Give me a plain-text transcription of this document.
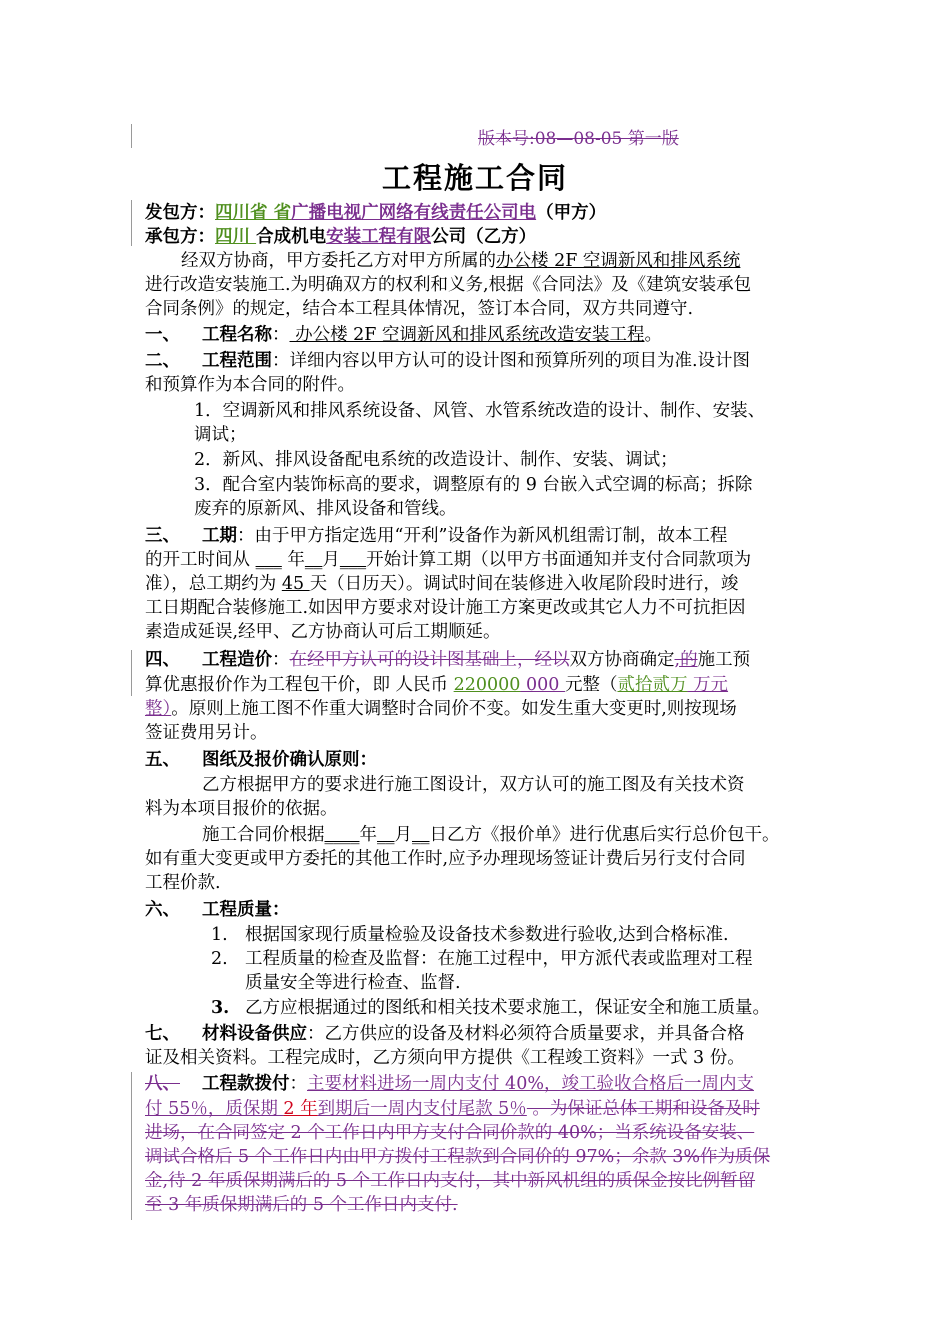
版本号:08—08-05 第一版
工程施工合同
发包方：四川省 省广播电视广网络有线责任公司电（甲方）
承包方：四川 合成机电安装工程有限公司（乙方）
经双方协商，甲方委托乙方对甲方所属的办公楼 2F 空调新风和排风系统
进行改造安装施工.为明确双方的权利和义务,根据《合同法》及《建筑安装承包
合同条例》的规定，结合本工程具体情况，签订本合同，双方共同遵守.
一、 工程名称： 办公楼 2F 空调新风和排风系统改造安装工程。
二、 工程范围：详细内容以甲方认可的设计图和预算所列的项目为准.设计图
和预算作为本合同的附件。
1．空调新风和排风系统设备、风管、水管系统改造的设计、制作、安装、
调试；
2．新风、排风设备配电系统的改造设计、制作、安装、调试；
3．配合室内装饰标高的要求，调整原有的 9 台嵌入式空调的标高；拆除
废弃的原新风、排风设备和管线。
三、 工期：由于甲方指定选用“开利”设备作为新风机组需订制，故本工程
的开工时间从 ___ 年__月___开始计算工期（以甲方书面通知并支付合同款项为
准），总工期约为 45 天（日历天）。调试时间在装修进入收尾阶段时进行，竣
工日期配合装修施工.如因甲方要求对设计施工方案更改或其它人力不可抗拒因
素造成延误,经甲、乙方协商认可后工期顺延。
四、 工程造价：在经甲方认可的设计图基础上，经以双方协商确定,的施工预
算优惠报价作为工程包干价，即 人民币 220000 000 元整（贰拾贰万 万元
整）。原则上施工图不作重大调整时合同价不变。如发生重大变更时,则按现场
签证费用另计。
五、 图纸及报价确认原则：
乙方根据甲方的要求进行施工图设计，双方认可的施工图及有关技术资
料为本项目报价的依据。
施工合同价根据____年__月__日乙方《报价单》进行优惠后实行总价包干。
如有重大变更或甲方委托的其他工作时,应予办理现场签证计费后另行支付合同
工程价款.
六、 工程质量：
1. 根据国家现行质量检验及设备技术参数进行验收,达到合格标准.
2. 工程质量的检查及监督：在施工过程中，甲方派代表或监理对工程
质量安全等进行检查、监督.
3. 乙方应根据通过的图纸和相关技术要求施工，保证安全和施工质量。
七、 材料设备供应：乙方供应的设备及材料必须符合质量要求，并具备合格
证及相关资料。工程完成时，乙方须向甲方提供《工程竣工资料》一式 3 份。
八、 工程款拨付：主要材料进场一周内支付 40%，竣工验收合格后一周内支
付 55％，质保期 2 年到期后一周内支付尾款 5％ 。为保证总体工期和设备及时
进场，在合同签定 2 个工作日内甲方支付合同价款的 40%；当系统设备安装、
调试合格后 5 个工作日内由甲方拨付工程款到合同价的 97%；余款 3%作为质保
金,待 2 年质保期满后的 5 个工作日内支付，其中新风机组的质保金按比例暂留
至 3 年质保期满后的 5 个工作日内支付.
